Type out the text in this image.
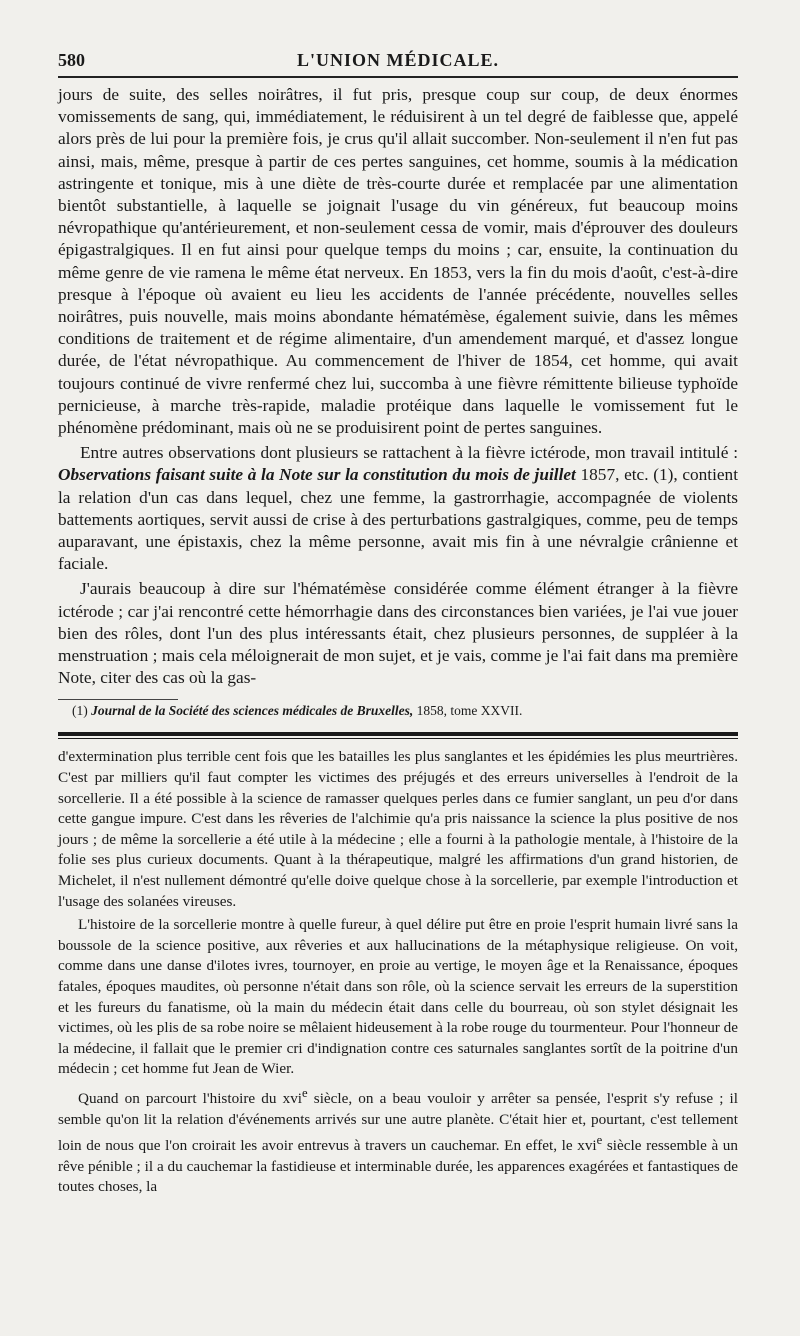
580	L'UNION MÉDICALE.

jours de suite, des selles noirâtres, il fut pris, presque coup sur coup, de deux énormes vomissements de sang, qui, immédiatement, le réduisirent à un tel degré de faiblesse que, appelé alors près de lui pour la première fois, je crus qu'il allait succomber. Non-seulement il n'en fut pas ainsi, mais, même, presque à partir de ces pertes sanguines, cet homme, soumis à la médication astringente et tonique, mis à une diète de très-courte durée et remplacée par une alimentation bientôt substantielle, à laquelle se joignait l'usage du vin généreux, fut beaucoup moins névropathique qu'antérieurement, et non-seulement cessa de vomir, mais d'éprouver des douleurs épigastralgiques. Il en fut ainsi pour quelque temps du moins ; car, ensuite, la continuation du même genre de vie ramena le même état nerveux. En 1853, vers la fin du mois d'août, c'est-à-dire presque à l'époque où avaient eu lieu les accidents de l'année précédente, nouvelles selles noirâtres, puis nouvelle, mais moins abondante hématémèse, également suivie, dans les mêmes conditions de traitement et de régime alimentaire, d'un amendement marqué, et d'assez longue durée, de l'état névropathique. Au commencement de l'hiver de 1854, cet homme, qui avait toujours continué de vivre renfermé chez lui, succomba à une fièvre rémittente bilieuse typhoïde pernicieuse, à marche très-rapide, maladie protéique dans laquelle le vomissement fut le phénomène prédominant, mais où ne se produisirent point de pertes sanguines.

Entre autres observations dont plusieurs se rattachent à la fièvre ictérode, mon travail intitulé : Observations faisant suite à la Note sur la constitution du mois de juillet 1857, etc. (1), contient la relation d'un cas dans lequel, chez une femme, la gastrorrhagie, accompagnée de violents battements aortiques, servit aussi de crise à des perturbations gastralgiques, comme, peu de temps auparavant, une épistaxis, chez la même personne, avait mis fin à une névralgie crânienne et faciale.

J'aurais beaucoup à dire sur l'hématémèse considérée comme élément étranger à la fièvre ictérode ; car j'ai rencontré cette hémorrhagie dans des circonstances bien variées, je l'ai vue jouer bien des rôles, dont l'un des plus intéressants était, chez plusieurs personnes, de suppléer à la menstruation ; mais cela méloignerait de mon sujet, et je vais, comme je l'ai fait dans ma première Note, citer des cas où la gas-

(1) Journal de la Société des sciences médicales de Bruxelles, 1858, tome XXVII.

d'extermination plus terrible cent fois que les batailles les plus sanglantes et les épidémies les plus meurtrières. C'est par milliers qu'il faut compter les victimes des préjugés et des erreurs universelles à l'endroit de la sorcellerie. Il a été possible à la science de ramasser quelques perles dans ce fumier sanglant, un peu d'or dans cette gangue impure. C'est dans les rêveries de l'alchimie qu'a pris naissance la science la plus positive de nos jours ; de même la sorcellerie a été utile à la médecine ; elle a fourni à la pathologie mentale, à l'histoire de la folie ses plus curieux documents. Quant à la thérapeutique, malgré les affirmations d'un grand historien, de Michelet, il n'est nullement démontré qu'elle doive quelque chose à la sorcellerie, par exemple l'introduction et l'usage des solanées vireuses.

L'histoire de la sorcellerie montre à quelle fureur, à quel délire put être en proie l'esprit humain livré sans la boussole de la science positive, aux rêveries et aux hallucinations de la métaphysique religieuse. On voit, comme dans une danse d'ilotes ivres, tournoyer, en proie au vertige, le moyen âge et la Renaissance, époques fatales, époques maudites, où personne n'était dans son rôle, où la science servait les erreurs de la superstition et les fureurs du fanatisme, où la main du médecin était dans celle du bourreau, où son stylet désignait les victimes, où les plis de sa robe noire se mêlaient hideusement à la robe rouge du tourmenteur. Pour l'honneur de la médecine, il fallait que le premier cri d'indignation contre ces saturnales sanglantes sortît de la poitrine d'un médecin ; cet homme fut Jean de Wier.

Quand on parcourt l'histoire du xvi$^e$ siècle, on a beau vouloir y arrêter sa pensée, l'esprit s'y refuse ; il semble qu'on lit la relation d'événements arrivés sur une autre planète. C'était hier et, pourtant, c'est tellement loin de nous que l'on croirait les avoir entrevus à travers un cauchemar. En effet, le xvi$^e$ siècle ressemble à un rêve pénible ; il a du cauchemar la fastidieuse et interminable durée, les apparences exagérées et fantastiques de toutes choses, la
